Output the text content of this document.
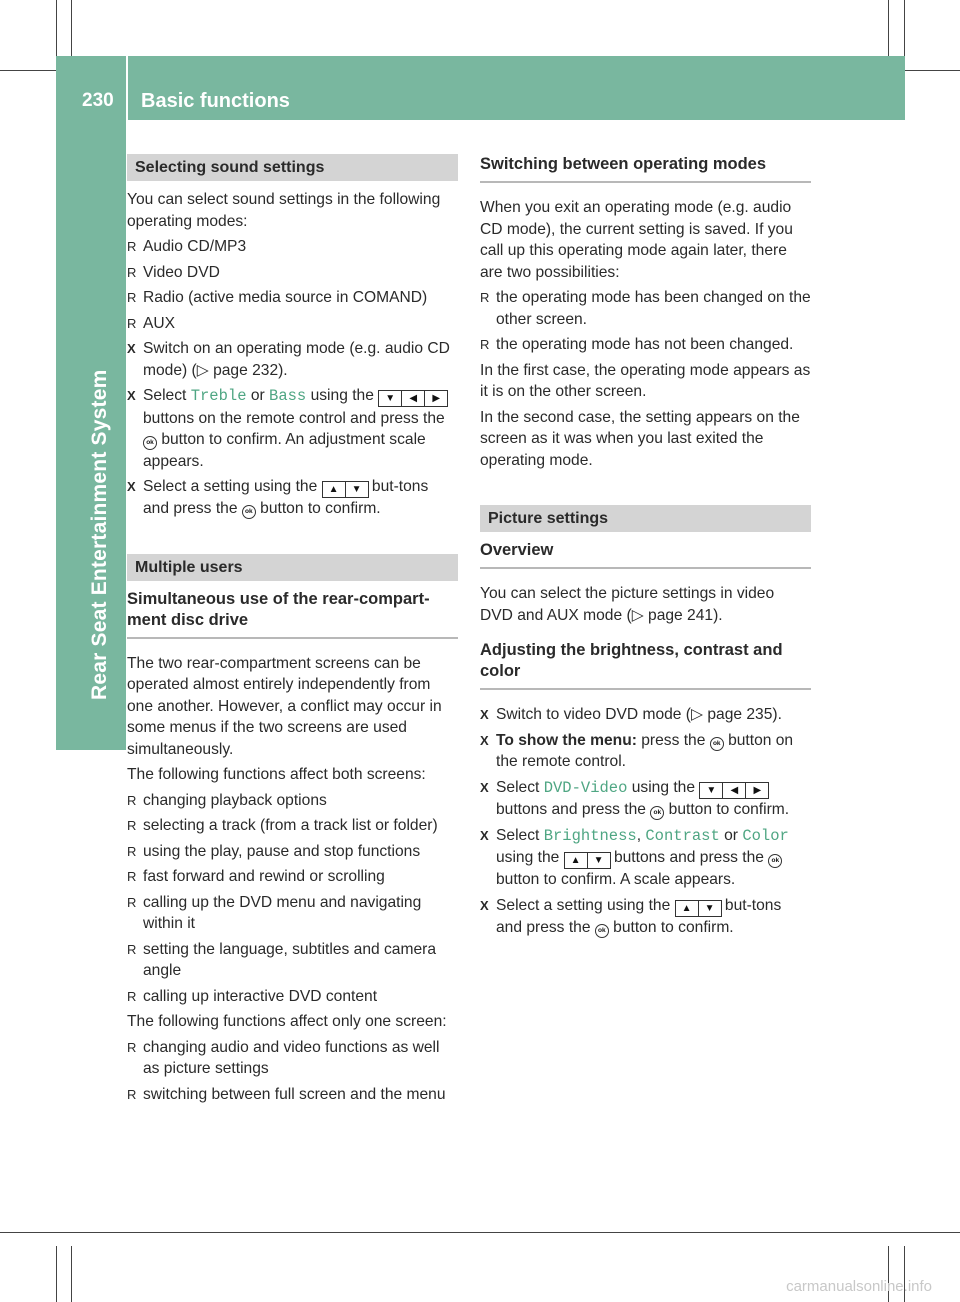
230 Basic functions
Rear Seat Entertainment System
Selecting sound settings

You can select sound settings in the following operating modes:

R Audio CD/MP3
R Video DVD
R Radio (active media source in COMAND)
R AUX
X Switch on an operating mode (e.g. audio CD mode) (▷ page 232).
X Select Treble or Bass using the ▼ ◀ ▶ buttons on the remote control and press the ok button to confirm. An adjustment scale appears.
X Select a setting using the ▲ ▼ but-tons and press the ok button to confirm.
Multiple users
Simultaneous use of the rear-compart-ment disc drive

The two rear-compartment screens can be operated almost entirely independently from one another. However, a conflict may occur in some menus if the two screens are used simultaneously.

The following functions affect both screens:

R changing playback options
R selecting a track (from a track list or folder)
R using the play, pause and stop functions
R fast forward and rewind or scrolling
R calling up the DVD menu and navigating within it
R setting the language, subtitles and camera angle
R calling up interactive DVD content

The following functions affect only one screen:

R changing audio and video functions as well as picture settings
R switching between full screen and the menu
Switching between operating modes

When you exit an operating mode (e.g. audio CD mode), the current setting is saved. If you call up this operating mode again later, there are two possibilities:

R the operating mode has been changed on the other screen.
R the operating mode has not been changed.

In the first case, the operating mode appears as it is on the other screen.

In the second case, the setting appears on the screen as it was when you last exited the operating mode.

Picture settings
Overview

You can select the picture settings in video DVD and AUX mode (▷ page 241).

Adjusting the brightness, contrast and color
X Switch to video DVD mode (▷ page 235).
X To show the menu: press the ok button on the remote control.
X Select DVD-Video using the ▼ ◀ ▶ buttons and press the ok button to confirm.
X Select Brightness, Contrast or Color using the ▲ ▼ buttons and press the ok button to confirm. A scale appears.
X Select a setting using the ▲ ▼ but-tons and press the ok button to confirm.
carmanualsonline.info
